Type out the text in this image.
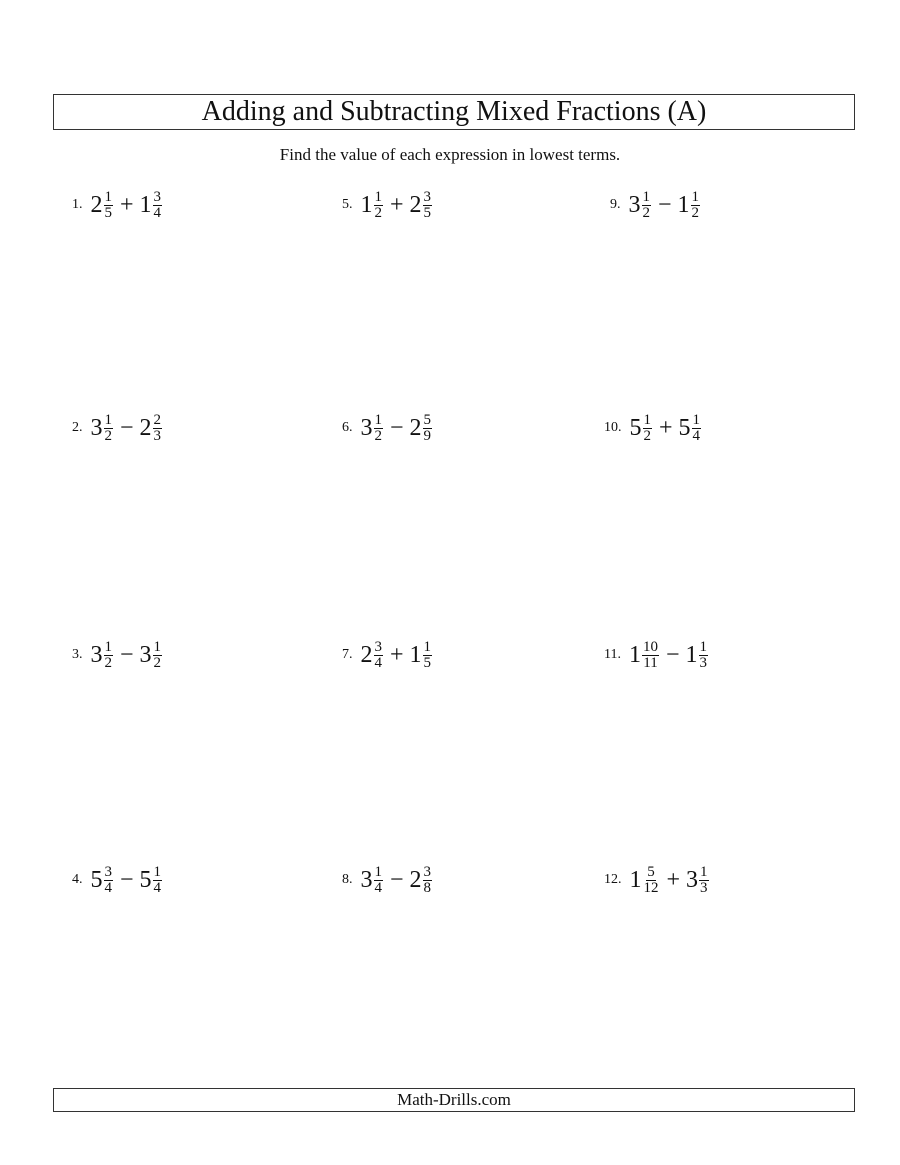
Adding and Subtracting Mixed Fractions (A)
Find the value of each expression in lowest terms.
1. $2 \frac{1}{5} + 1 \frac{3}{4}$
2. $3 \frac{1}{2} - 2 \frac{2}{3}$
3. $3 \frac{1}{2} - 3 \frac{1}{2}$
4. $5 \frac{3}{4} - 5 \frac{1}{4}$
5. $1 \frac{1}{2} + 2 \frac{3}{5}$
6. $3 \frac{1}{2} - 2 \frac{5}{9}$
7. $2 \frac{3}{4} + 1 \frac{1}{5}$
8. $3 \frac{1}{4} - 2 \frac{3}{8}$
9. $3 \frac{1}{2} - 1 \frac{1}{2}$
10. $5 \frac{1}{2} + 5 \frac{1}{4}$
11. $1 \frac{10}{11} - 1 \frac{1}{3}$
12. $1 \frac{5}{12} + 3 \frac{1}{3}$
Math-Drills.com
